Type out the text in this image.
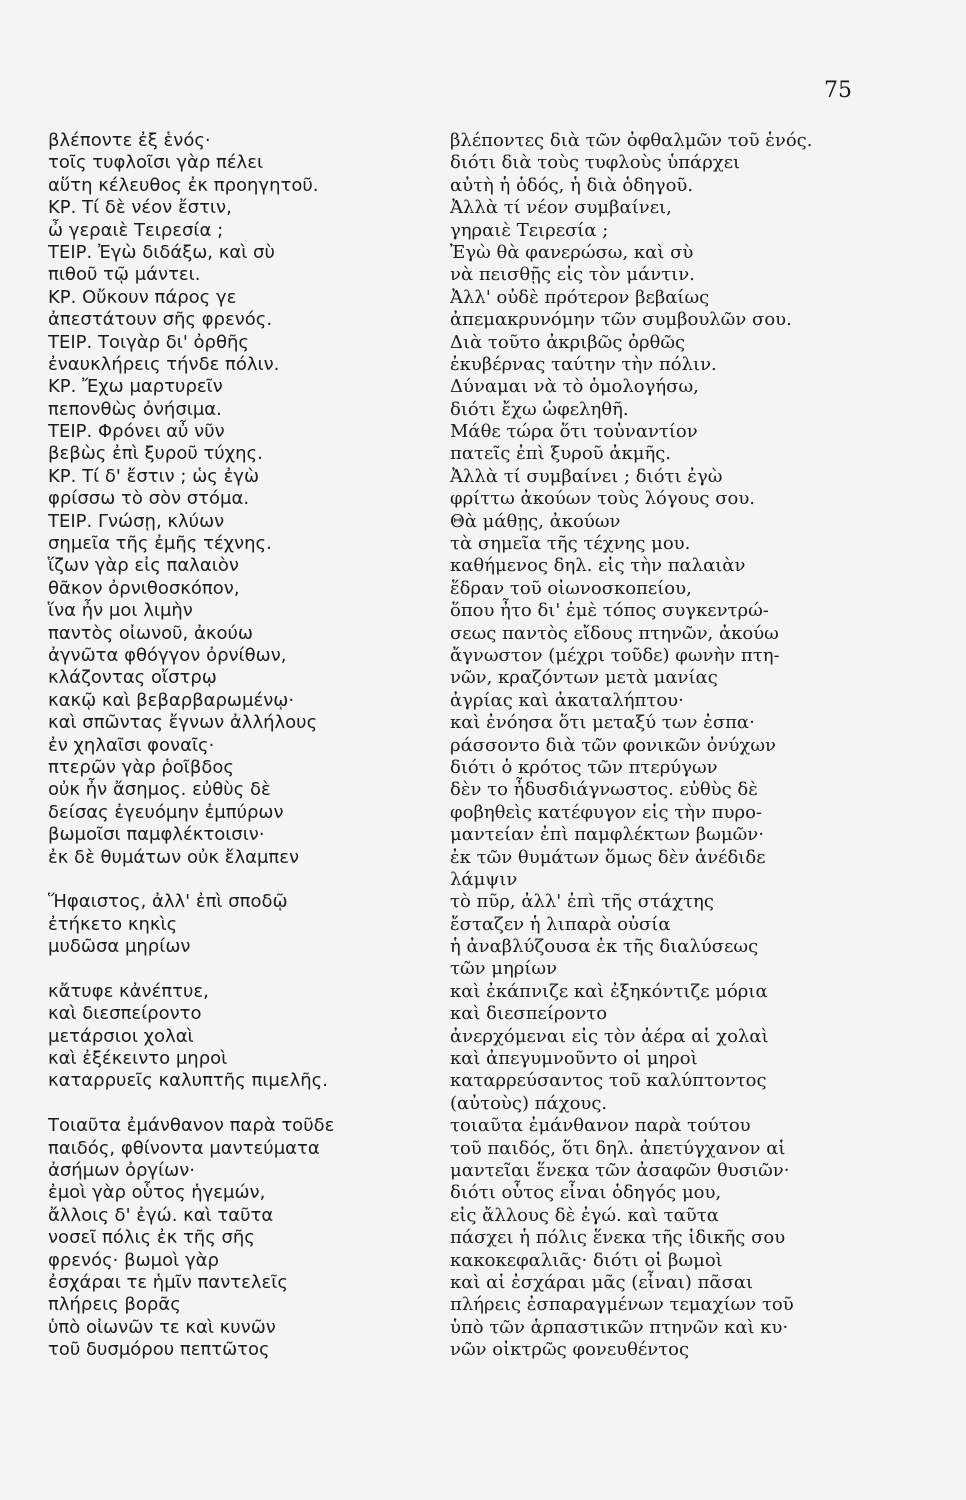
75
βλέποντε ἐξ ἑνός·
τοῖς τυφλοῖσι γὰρ πέλει
αὕτη κέλευθος ἐκ προηγητοῦ.
ΚΡ. Τί δὲ νέον ἔστιν,
ὦ γεραιὲ Τειρεσία ;
ΤΕΙΡ. Ἐγὼ διδάξω, καὶ σὺ
πιθοῦ τῷ μάντει.
ΚΡ. Οὔκουν πάρος γε
ἀπεστάτουν σῆς φρενός.
ΤΕΙΡ. Τοιγὰρ δι' ὀρθῆς
ἐναυκλήρεις τήνδε πόλιν.
ΚΡ. Ἔχω μαρτυρεῖν
πεπονθὼς ὀνήσιμα.
ΤΕΙΡ. Φρόνει αὖ νῦν
βεβὼς ἐπὶ ξυροῦ τύχης.
ΚΡ. Τί δ' ἔστιν ; ὡς ἐγὼ
φρίσσω τὸ σὸν στόμα.
ΤΕΙΡ. Γνώσῃ, κλύων
σημεῖα τῆς ἐμῆς τέχνης.
ἵζων γὰρ εἰς παλαιὸν
θᾶκον ὀρνιθοσκόπον,
ἵνα ἦν μοι λιμὴν
παντὸς οἰωνοῦ, ἀκούω
ἀγνῶτα φθόγγον ὀρνίθων,
κλάζοντας οἴστρῳ
κακῷ καὶ βεβαρβαρωμένῳ·
καὶ σπῶντας ἔγνων ἀλλήλους
ἐν χηλαῖσι φοναῖς·
πτερῶν γὰρ ῥοῖβδος
οὐκ ἦν ἄσημος. εὐθὺς δὲ
δείσας ἐγευόμην ἐμπύρων
βωμοῖσι παμφλέκτοισιν·
ἐκ δὲ θυμάτων οὐκ ἔλαμπεν
Ἥφαιστος, ἀλλ' ἐπὶ σποδῷ
ἐτήκετο κηκὶς
μυδῶσα μηρίων
κἄτυφε κἀνέπτυε,
καὶ διεσπείροντο
μετάρσιοι χολαὶ
καὶ ἐξέκειντο μηροὶ
καταρρυεῖς καλυπτῆς πιμελῆς.
Τοιαῦτα ἐμάνθανον παρὰ τοῦδε
παιδός, φθίνοντα μαντεύματα
ἀσήμων ὀργίων·
ἐμοὶ γὰρ οὗτος ἡγεμών,
ἄλλοις δ' ἐγώ. καὶ ταῦτα
νοσεῖ πόλις ἐκ τῆς σῆς
φρενός· βωμοὶ γὰρ
ἐσχάραι τε ἡμῖν παντελεῖς
πλήρεις βορᾶς
ὑπὸ οἰωνῶν τε καὶ κυνῶν
τοῦ δυσμόρου πεπτῶτος
βλέποντες διὰ τῶν ὀφθαλμῶν τοῦ ἑνός.
διότι διὰ τοὺς τυφλοὺς ὑπάρχει
αὐτὴ ἡ ὁδός, ἡ διὰ ὁδηγοῦ.
Ἀλλὰ τί νέον συμβαίνει,
γηραιὲ Τειρεσία ;
Ἐγὼ θὰ φανερώσω, καὶ σὺ
νὰ πεισθῇς εἰς τὸν μάντιν.
Ἀλλ' οὐδὲ πρότερον βεβαίως
ἀπεμακρυνόμην τῶν συμβουλῶν σου.
Διὰ τοῦτο ἀκριβῶς ὀρθῶς
ἐκυβέρνας ταύτην τὴν πόλιν.
Δύναμαι νὰ τὸ ὁμολογήσω,
διότι ἔχω ὠφεληθῆ.
Μάθε τώρα ὅτι τοὐναντίον
πατεῖς ἐπὶ ξυροῦ ἀκμῆς.
Ἀλλὰ τί συμβαίνει ; διότι ἐγὼ
φρίττω ἀκούων τοὺς λόγους σου.
Θὰ μάθῃς, ἀκούων
τὰ σημεῖα τῆς τέχνης μου.
καθήμενος δηλ. εἰς τὴν παλαιὰν
ἕδραν τοῦ οἰωνοσκοπείου,
ὅπου ἦτο δι' ἐμὲ τόπος συγκεντρώ-
σεως παντὸς εἴδους πτηνῶν, ἀκούω
ἄγνωστον (μέχρι τοῦδε) φωνὴν πτη-
νῶν, κραζόντων μετὰ μανίας
ἀγρίας καὶ ἀκαταλήπτου·
καὶ ἐνόησα ὅτι μεταξύ των ἐσπα·
ράσσοντο διὰ τῶν φονικῶν ὀνύχων
διότι ὁ κρότος τῶν πτερύγων
δὲν το ἦδυσδιάγνωστος. εὐθὺς δὲ
φοβηθεὶς κατέφυγον εἰς τὴν πυρο-
μαντείαν ἐπὶ παμφλέκτων βωμῶν·
ἐκ τῶν θυμάτων ὅμως δὲν ἀνέδιδε
λάμψιν
τὸ πῦρ, ἀλλ' ἐπὶ τῆς στάχτης
ἔσταζεν ἡ λιπαρὰ οὐσία
ἡ ἀναβλύζουσα ἐκ τῆς διαλύσεως
τῶν μηρίων
καὶ ἐκάπνιζε καὶ ἐξηκόντιζε μόρια
καὶ διεσπείροντο
ἀνερχόμεναι εἰς τὸν ἀέρα αἱ χολαὶ
καὶ ἀπεγυμνοῦντο οἱ μηροὶ
καταρρεύσαντος τοῦ καλύπτοντος
(αὐτοὺς) πάχους.
τοιαῦτα ἐμάνθανον παρὰ τούτου
τοῦ παιδός, ὅτι δηλ. ἀπετύγχανον αἱ
μαντεῖαι ἕνεκα τῶν ἀσαφῶν θυσιῶν·
διότι οὗτος εἶναι ὁδηγός μου,
εἰς ἄλλους δὲ ἐγώ. καὶ ταῦτα
πάσχει ἡ πόλις ἕνεκα τῆς ἰδικῆς σου
κακοκεφαλιᾶς· διότι οἱ βωμοὶ
καὶ αἱ ἐσχάραι μᾶς (εἶναι) πᾶσαι
πλήρεις ἐσπαραγμένων τεμαχίων τοῦ
ὑπὸ τῶν ἁρπαστικῶν πτηνῶν καὶ κυ·
νῶν οἰκτρῶς φονευθέντος
